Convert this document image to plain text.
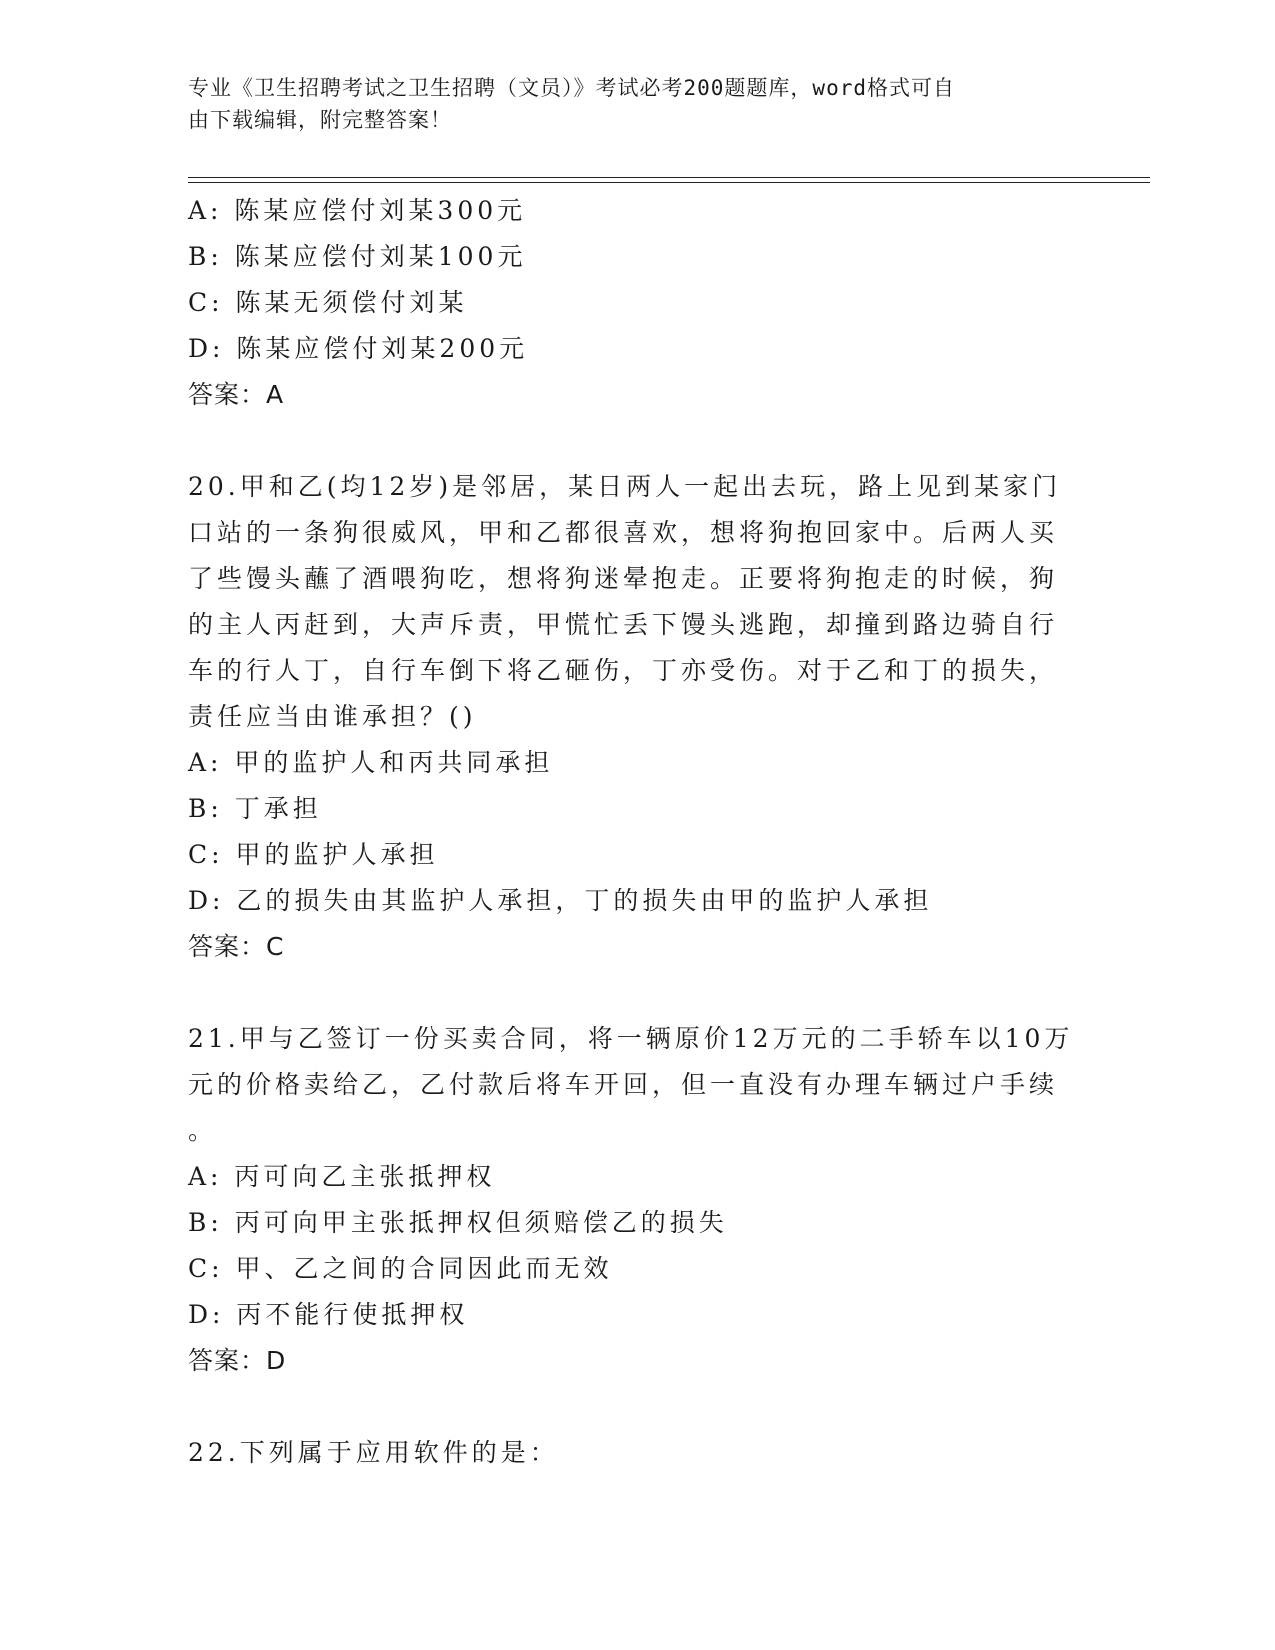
专业《卫生招聘考试之卫生招聘（文员）》考试必考200题题库，word格式可自
由下载编辑，附完整答案！
A: 陈某应偿付刘某300元
B: 陈某应偿付刘某100元
C: 陈某无须偿付刘某
D: 陈某应偿付刘某200元
答案：A
20.甲和乙(均12岁)是邻居，某日两人一起出去玩，路上见到某家门
口站的一条狗很威风，甲和乙都很喜欢，想将狗抱回家中。后两人买
了些馒头蘸了酒喂狗吃，想将狗迷晕抱走。正要将狗抱走的时候，狗
的主人丙赶到，大声斥责，甲慌忙丢下馒头逃跑，却撞到路边骑自行
车的行人丁，自行车倒下将乙砸伤，丁亦受伤。对于乙和丁的损失，
责任应当由谁承担？()
A: 甲的监护人和丙共同承担
B: 丁承担
C: 甲的监护人承担
D: 乙的损失由其监护人承担，丁的损失由甲的监护人承担
答案：C
21.甲与乙签订一份买卖合同，将一辆原价12万元的二手轿车以10万
元的价格卖给乙，乙付款后将车开回，但一直没有办理车辆过户手续
。
A: 丙可向乙主张抵押权
B: 丙可向甲主张抵押权但须赔偿乙的损失
C: 甲、乙之间的合同因此而无效
D: 丙不能行使抵押权
答案：D
22.下列属于应用软件的是：
